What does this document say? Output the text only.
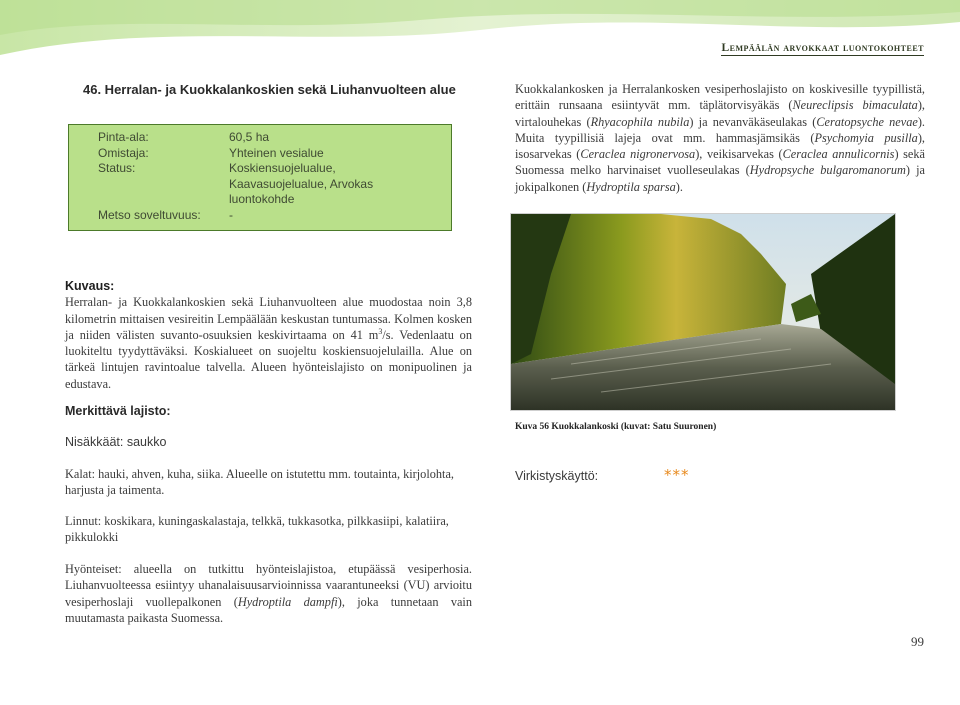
Lempäälän arvokkaat luontokohteet
46. Herralan- ja Kuokkalankoskien sekä Liuhanvuolteen alue
Pinta-ala:	60,5 ha
Omistaja:	Yhteinen vesialue
Status:	Koskiensuojelualue, Kaavasuojelualue, Arvokas luontokohde
Metso soveltuvuus:	-
Kuokkalankosken ja Herralankosken vesiperhoslajisto on koskivesille tyypillistä, erittäin runsaana esiintyvät mm. täplätorvisyäkäs (Neureclipsis bimaculata), virtalouhekas (Rhyacophila nubila) ja nevanväkäseulakas (Ceratopsyche nevae). Muita tyypillisiä lajeja ovat mm. hammasjämsikäs (Psychomyia pusilla), isosarvekas (Ceraclea nigronervosa), veikisarvekas (Ceraclea annulicornis) sekä Suomessa melko harvinaiset vuolleseulakas (Hydropsyche bulgaromanorum) ja jokipalkonen (Hydroptila sparsa).
Kuva 56 Kuokkalankoski (kuvat: Satu Suuronen)
Virkistyskäyttö:	***
Kuvaus:
Herralan- ja Kuokkalankoskien sekä Liuhanvuolteen alue muodostaa noin 3,8 kilometrin mittaisen vesireitin Lempäälään keskustan tuntumassa. Kolmen kosken ja niiden välisten suvanto-osuuksien keskivirtaama on 41 $m^3/s$. Vedenlaatu on luokiteltu tyydyttäväksi. Koskialueet on suojeltu koskiensuojelulailla. Alue on tärkeä lintujen ravintoalue talvella. Alueen hyönteislajisto on monipuolinen ja edustava.
Merkittävä lajisto:
Nisäkkäät: saukko
Kalat: hauki, ahven, kuha, siika. Alueelle on istutettu mm. toutainta, kirjolohta, harjusta ja taimenta.
Linnut: koskikara, kuningaskalastaja, telkkä, tukkasotka, pilkkasiipi, kalatiira, pikkulokki
Hyönteiset: alueella on tutkittu hyönteislajistoa, etupäässä vesiperhosia. Liuhanvuolteessa esiintyy uhanalaisuusarvioinnissa vaarantuneeksi (VU) arvioitu vesiperhoslaji vuollepalkonen (Hydroptila dampfi), joka tunnetaan vain muutamasta paikasta Suomessa.
99
